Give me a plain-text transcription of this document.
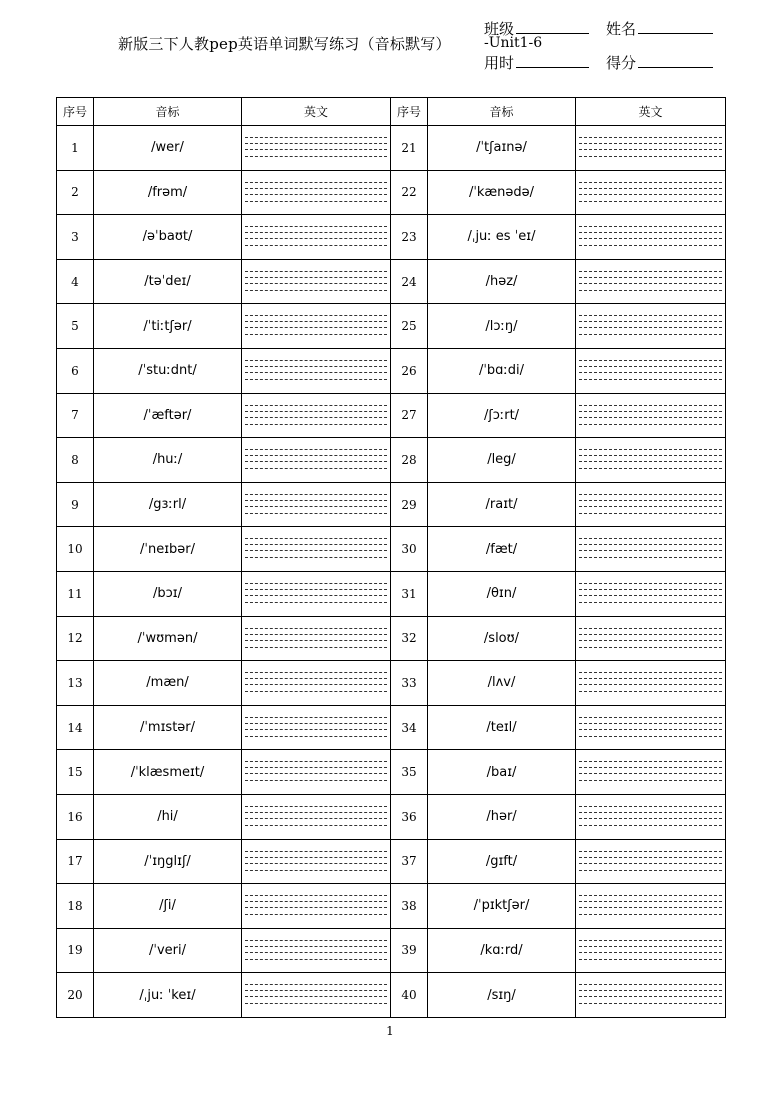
新版三下人教pep英语单词默写练习（音标默写） -Unit1-6
班级	姓名
用时	得分
序号	音标	英文	序号	音标	英文
1	/wer/		21	/ˈtʃaɪnə/	

2	/frəm/		22	/ˈkænədə/	

3	/əˈbaʊt/		23	/ˌjuː es ˈeɪ/	

4	/təˈdeɪ/		24	/həz/	

5	/ˈtiːtʃər/		25	/lɔːŋ/	

6	/ˈstuːdnt/		26	/ˈbɑːdi/	

7	/ˈæftər/		27	/ʃɔːrt/	

8	/huː/		28	/leg/	

9	/gɜːrl/		29	/raɪt/	

10	/ˈneɪbər/		30	/fæt/	

11	/bɔɪ/		31	/θɪn/	

12	/ˈwʊmən/		32	/sloʊ/	

13	/mæn/		33	/lʌv/	

14	/ˈmɪstər/		34	/teɪl/	

15	/ˈklæsmeɪt/		35	/baɪ/	

16	/hi/		36	/hər/	

17	/ˈɪŋglɪʃ/		37	/gɪft/	

18	/ʃi/		38	/ˈpɪktʃər/	

19	/ˈveri/		39	/kɑːrd/	

20	/ˌjuː ˈkeɪ/		40	/sɪŋ/	
1
